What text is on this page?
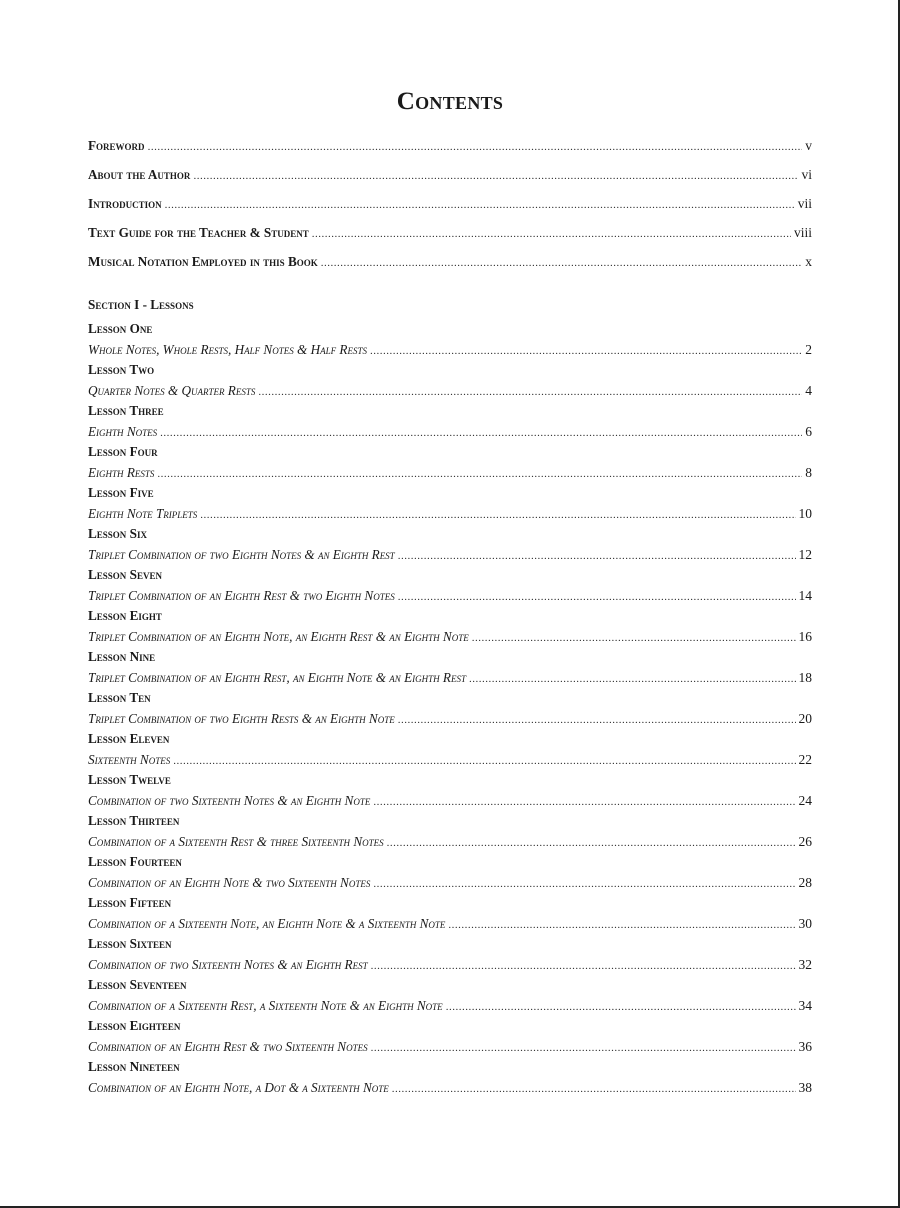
Contents
Foreword .....	v
About the Author .....	vi
Introduction .....	vii
Text Guide for the Teacher & Student .....	viii
Musical Notation Employed in this Book .....	x
Section I - Lessons
Lesson One
Whole Notes, Whole Rests, Half Notes & Half Rests .....	2
Lesson Two
Quarter Notes & Quarter Rests .....	4
Lesson Three
Eighth Notes .....	6
Lesson Four
Eighth Rests .....	8
Lesson Five
Eighth Note Triplets .....	10
Lesson Six
Triplet Combination of two Eighth Notes & an Eighth Rest .....	12
Lesson Seven
Triplet Combination of an Eighth Rest & two Eighth Notes .....	14
Lesson Eight
Triplet Combination of an Eighth Note, an Eighth Rest & an Eighth Note .....	16
Lesson Nine
Triplet Combination of an Eighth Rest, an Eighth Note & an Eighth Rest .....	18
Lesson Ten
Triplet Combination of two Eighth Rests & an Eighth Note .....	20
Lesson Eleven
Sixteenth Notes .....	22
Lesson Twelve
Combination of two Sixteenth Notes & an Eighth Note .....	24
Lesson Thirteen
Combination of a Sixteenth Rest & three Sixteenth Notes .....	26
Lesson Fourteen
Combination of an Eighth Note & two Sixteenth Notes .....	28
Lesson Fifteen
Combination of a Sixteenth Note, an Eighth Note & a Sixteenth Note .....	30
Lesson Sixteen
Combination of two Sixteenth Notes & an Eighth Rest .....	32
Lesson Seventeen
Combination of a Sixteenth Rest, a Sixteenth Note & an Eighth Note .....	34
Lesson Eighteen
Combination of an Eighth Rest & two Sixteenth Notes .....	36
Lesson Nineteen
Combination of an Eighth Note, a Dot & a Sixteenth Note .....	38
